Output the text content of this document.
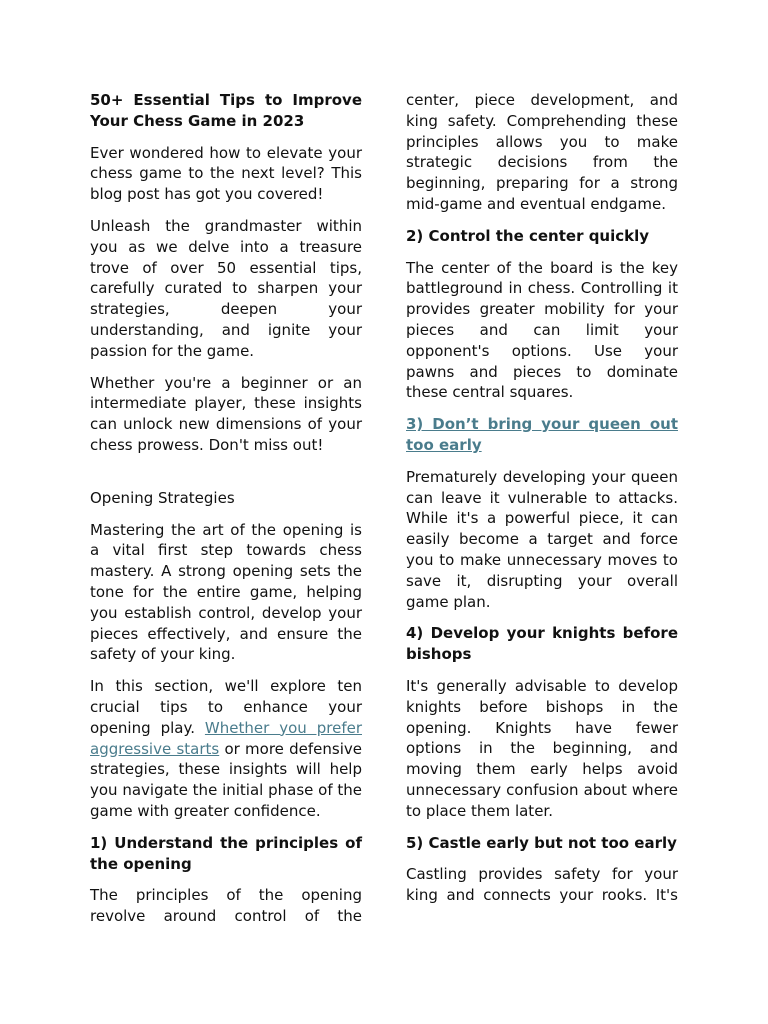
50+ Essential Tips to Improve Your Chess Game in 2023

Ever wondered how to elevate your chess game to the next level? This blog post has got you covered!

Unleash the grandmaster within you as we delve into a treasure trove of over 50 essential tips, carefully curated to sharpen your strategies, deepen your understanding, and ignite your passion for the game.

Whether you're a beginner or an intermediate player, these insights can unlock new dimensions of your chess prowess. Don't miss out!

Opening Strategies

Mastering the art of the opening is a vital first step towards chess mastery. A strong opening sets the tone for the entire game, helping you establish control, develop your pieces effectively, and ensure the safety of your king.

In this section, we'll explore ten crucial tips to enhance your opening play. Whether you prefer aggressive starts or more defensive strategies, these insights will help you navigate the initial phase of the game with greater confidence.

1) Understand the principles of the opening

The principles of the opening revolve around control of the

center, piece development, and king safety. Comprehending these principles allows you to make strategic decisions from the beginning, preparing for a strong mid-game and eventual endgame.

2) Control the center quickly

The center of the board is the key battleground in chess. Controlling it provides greater mobility for your pieces and can limit your opponent's options. Use your pawns and pieces to dominate these central squares.

3) Don’t bring your queen out too early

Prematurely developing your queen can leave it vulnerable to attacks. While it's a powerful piece, it can easily become a target and force you to make unnecessary moves to save it, disrupting your overall game plan.

4) Develop your knights before bishops

It's generally advisable to develop knights before bishops in the opening. Knights have fewer options in the beginning, and moving them early helps avoid unnecessary confusion about where to place them later.

5) Castle early but not too early

Castling provides safety for your king and connects your rooks. It's
